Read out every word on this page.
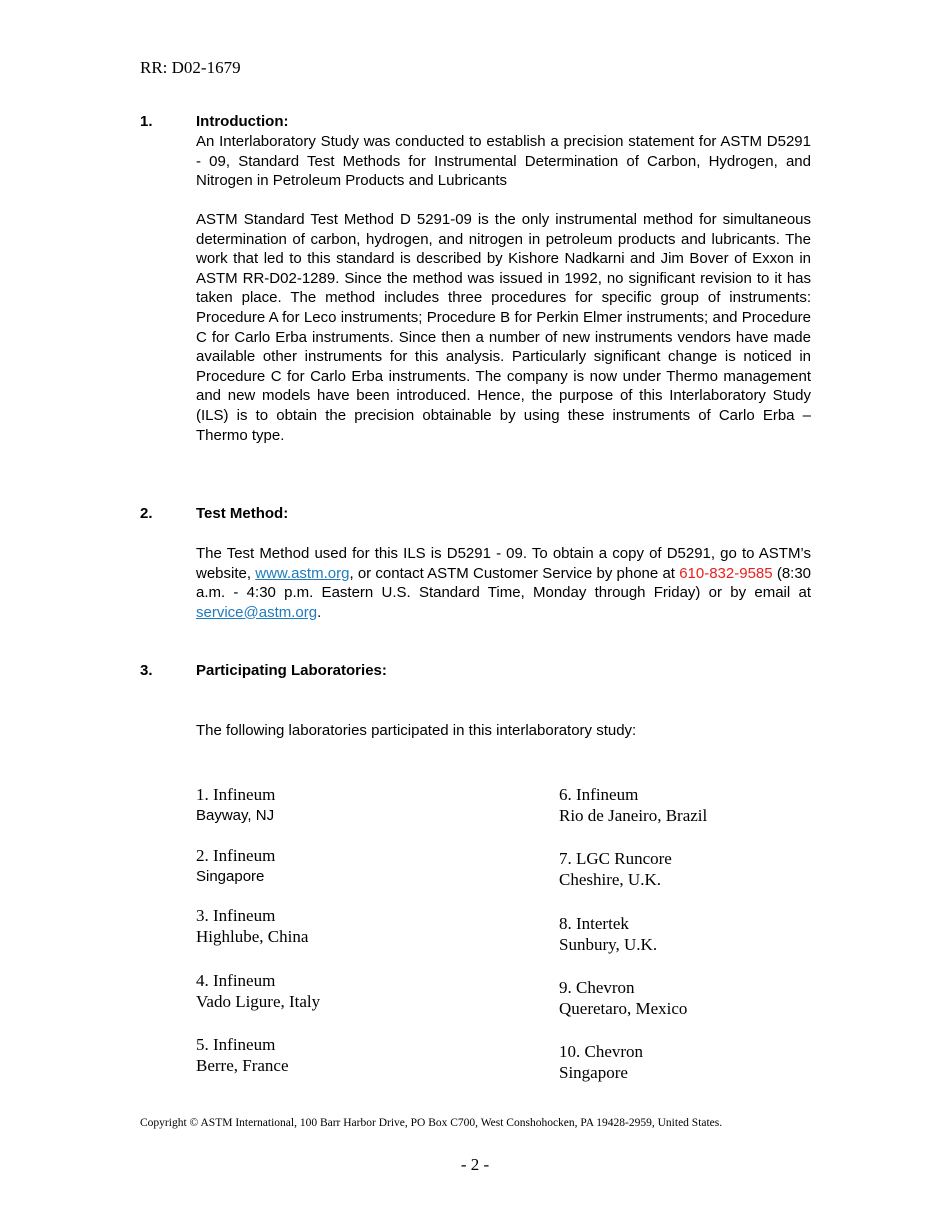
RR: D02-1679
1.	Introduction:
An Interlaboratory Study was conducted to establish a precision statement for ASTM D5291 - 09, Standard Test Methods for Instrumental Determination of Carbon, Hydrogen, and Nitrogen in Petroleum Products and Lubricants
ASTM Standard Test Method D 5291-09 is the only instrumental method for simultaneous determination of carbon, hydrogen, and nitrogen in petroleum products and lubricants. The work that led to this standard is described by Kishore Nadkarni and Jim Bover of Exxon in ASTM RR-D02-1289. Since the method was issued in 1992, no significant revision to it has taken place. The method includes three procedures for specific group of instruments: Procedure A for Leco instruments; Procedure B for Perkin Elmer instruments; and Procedure C for Carlo Erba instruments. Since then a number of new instruments vendors have made available other instruments for this analysis. Particularly significant change is noticed in Procedure C for Carlo Erba instruments. The company is now under Thermo management and new models have been introduced. Hence, the purpose of this Interlaboratory Study (ILS) is to obtain the precision obtainable by using these instruments of Carlo Erba – Thermo type.
2.	Test Method:
The Test Method used for this ILS is D5291 - 09. To obtain a copy of D5291, go to ASTM’s website, www.astm.org, or contact ASTM Customer Service by phone at 610-832-9585 (8:30 a.m. - 4:30 p.m. Eastern U.S. Standard Time, Monday through Friday) or by email at service@astm.org.
3.	Participating Laboratories:
The following laboratories participated in this interlaboratory study:
1. Infineum
Bayway, NJ
2. Infineum
Singapore
3. Infineum
Highlube, China
4. Infineum
Vado Ligure, Italy
5. Infineum
Berre, France
6. Infineum
Rio de Janeiro, Brazil
7. LGC Runcore
Cheshire, U.K.
8. Intertek
Sunbury, U.K.
9. Chevron
Queretaro, Mexico
10. Chevron
Singapore
Copyright © ASTM International, 100 Barr Harbor Drive, PO Box C700, West Conshohocken, PA 19428-2959, United States.
- 2 -
